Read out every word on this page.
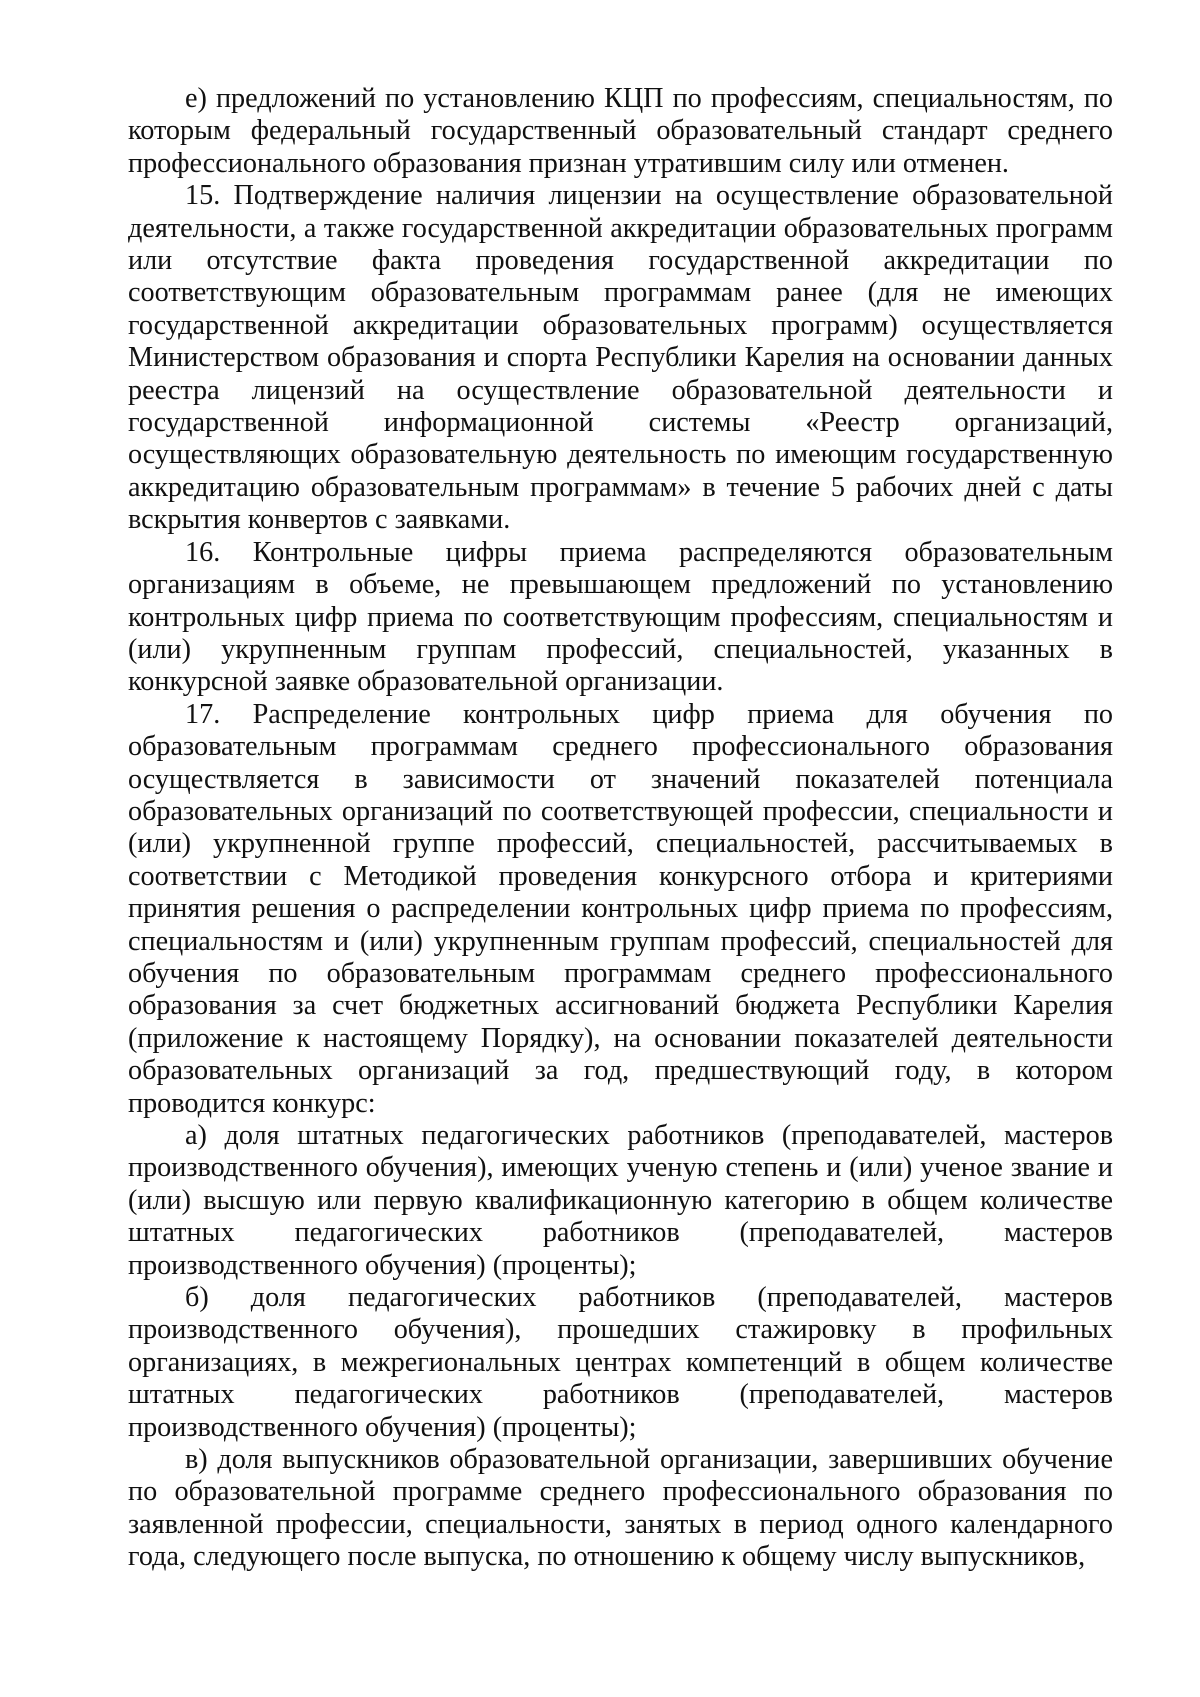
е) предложений по установлению КЦП по профессиям, специальностям, по которым федеральный государственный образовательный стандарт среднего профессионального образования признан утратившим силу или отменен.

15. Подтверждение наличия лицензии на осуществление образовательной деятельности, а также государственной аккредитации образовательных программ или отсутствие факта проведения государственной аккредитации по соответствующим образовательным программам ранее (для не имеющих государственной аккредитации образовательных программ) осуществляется Министерством образования и спорта Республики Карелия на основании данных реестра лицензий на осуществление образовательной деятельности и государственной информационной системы «Реестр организаций, осуществляющих образовательную деятельность по имеющим государственную аккредитацию образовательным программам» в течение 5 рабочих дней с даты вскрытия конвертов с заявками.

16. Контрольные цифры приема распределяются образовательным организациям в объеме, не превышающем предложений по установлению контрольных цифр приема по соответствующим профессиям, специальностям и (или) укрупненным группам профессий, специальностей, указанных в конкурсной заявке образовательной организации.

17. Распределение контрольных цифр приема для обучения по образовательным программам среднего профессионального образования осуществляется в зависимости от значений показателей потенциала образовательных организаций по соответствующей профессии, специальности и (или) укрупненной группе профессий, специальностей, рассчитываемых в соответствии с Методикой проведения конкурсного отбора и критериями принятия решения о распределении контрольных цифр приема по профессиям, специальностям и (или) укрупненным группам профессий, специальностей для обучения по образовательным программам среднего профессионального образования за счет бюджетных ассигнований бюджета Республики Карелия (приложение к настоящему Порядку), на основании показателей деятельности образовательных организаций за год, предшествующий году, в котором проводится конкурс:

а) доля штатных педагогических работников (преподавателей, мастеров производственного обучения), имеющих ученую степень и (или) ученое звание и (или) высшую или первую квалификационную категорию в общем количестве штатных педагогических работников (преподавателей, мастеров производственного обучения) (проценты);

б) доля педагогических работников (преподавателей, мастеров производственного обучения), прошедших стажировку в профильных организациях, в межрегиональных центрах компетенций в общем количестве штатных педагогических работников (преподавателей, мастеров производственного обучения) (проценты);

в) доля выпускников образовательной организации, завершивших обучение по образовательной программе среднего профессионального образования по заявленной профессии, специальности, занятых в период одного календарного года, следующего после выпуска, по отношению к общему числу выпускников,
